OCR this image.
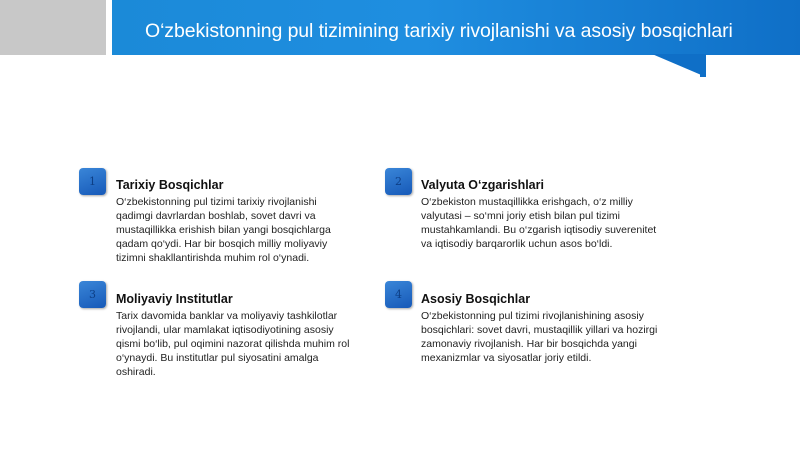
O‘zbekistonning pul tizimining tarixiy rivojlanishi va asosiy bosqichlari
1	Tarixiy Bosqichlar
O‘zbekistonning pul tizimi tarixiy rivojlanishi
qadimgi davrlardan boshlab, sovet davri va
mustaqillikka erishish bilan yangi bosqichlarga
qadam qo‘ydi. Har bir bosqich milliy moliyaviy
tizimni shakllantirishda muhim rol o‘ynadi.
2	Valyuta O‘zgarishlari
O‘zbekiston mustaqillikka erishgach, o‘z milliy
valyutasi – so‘mni joriy etish bilan pul tizimi
mustahkamlandi. Bu o‘zgarish iqtisodiy suverenitet
va iqtisodiy barqarorlik uchun asos bo‘ldi.
3	Moliyaviy Institutlar
Tarix davomida banklar va moliyaviy tashkilotlar
rivojlandi, ular mamlakat iqtisodiyotining asosiy
qismi bo‘lib, pul oqimini nazorat qilishda muhim rol
o‘ynaydi. Bu institutlar pul siyosatini amalga
oshiradi.
4	Asosiy Bosqichlar
O‘zbekistonning pul tizimi rivojlanishining asosiy
bosqichlari: sovet davri, mustaqillik yillari va hozirgi
zamonaviy rivojlanish. Har bir bosqichda yangi
mexanizmlar va siyosatlar joriy etildi.
